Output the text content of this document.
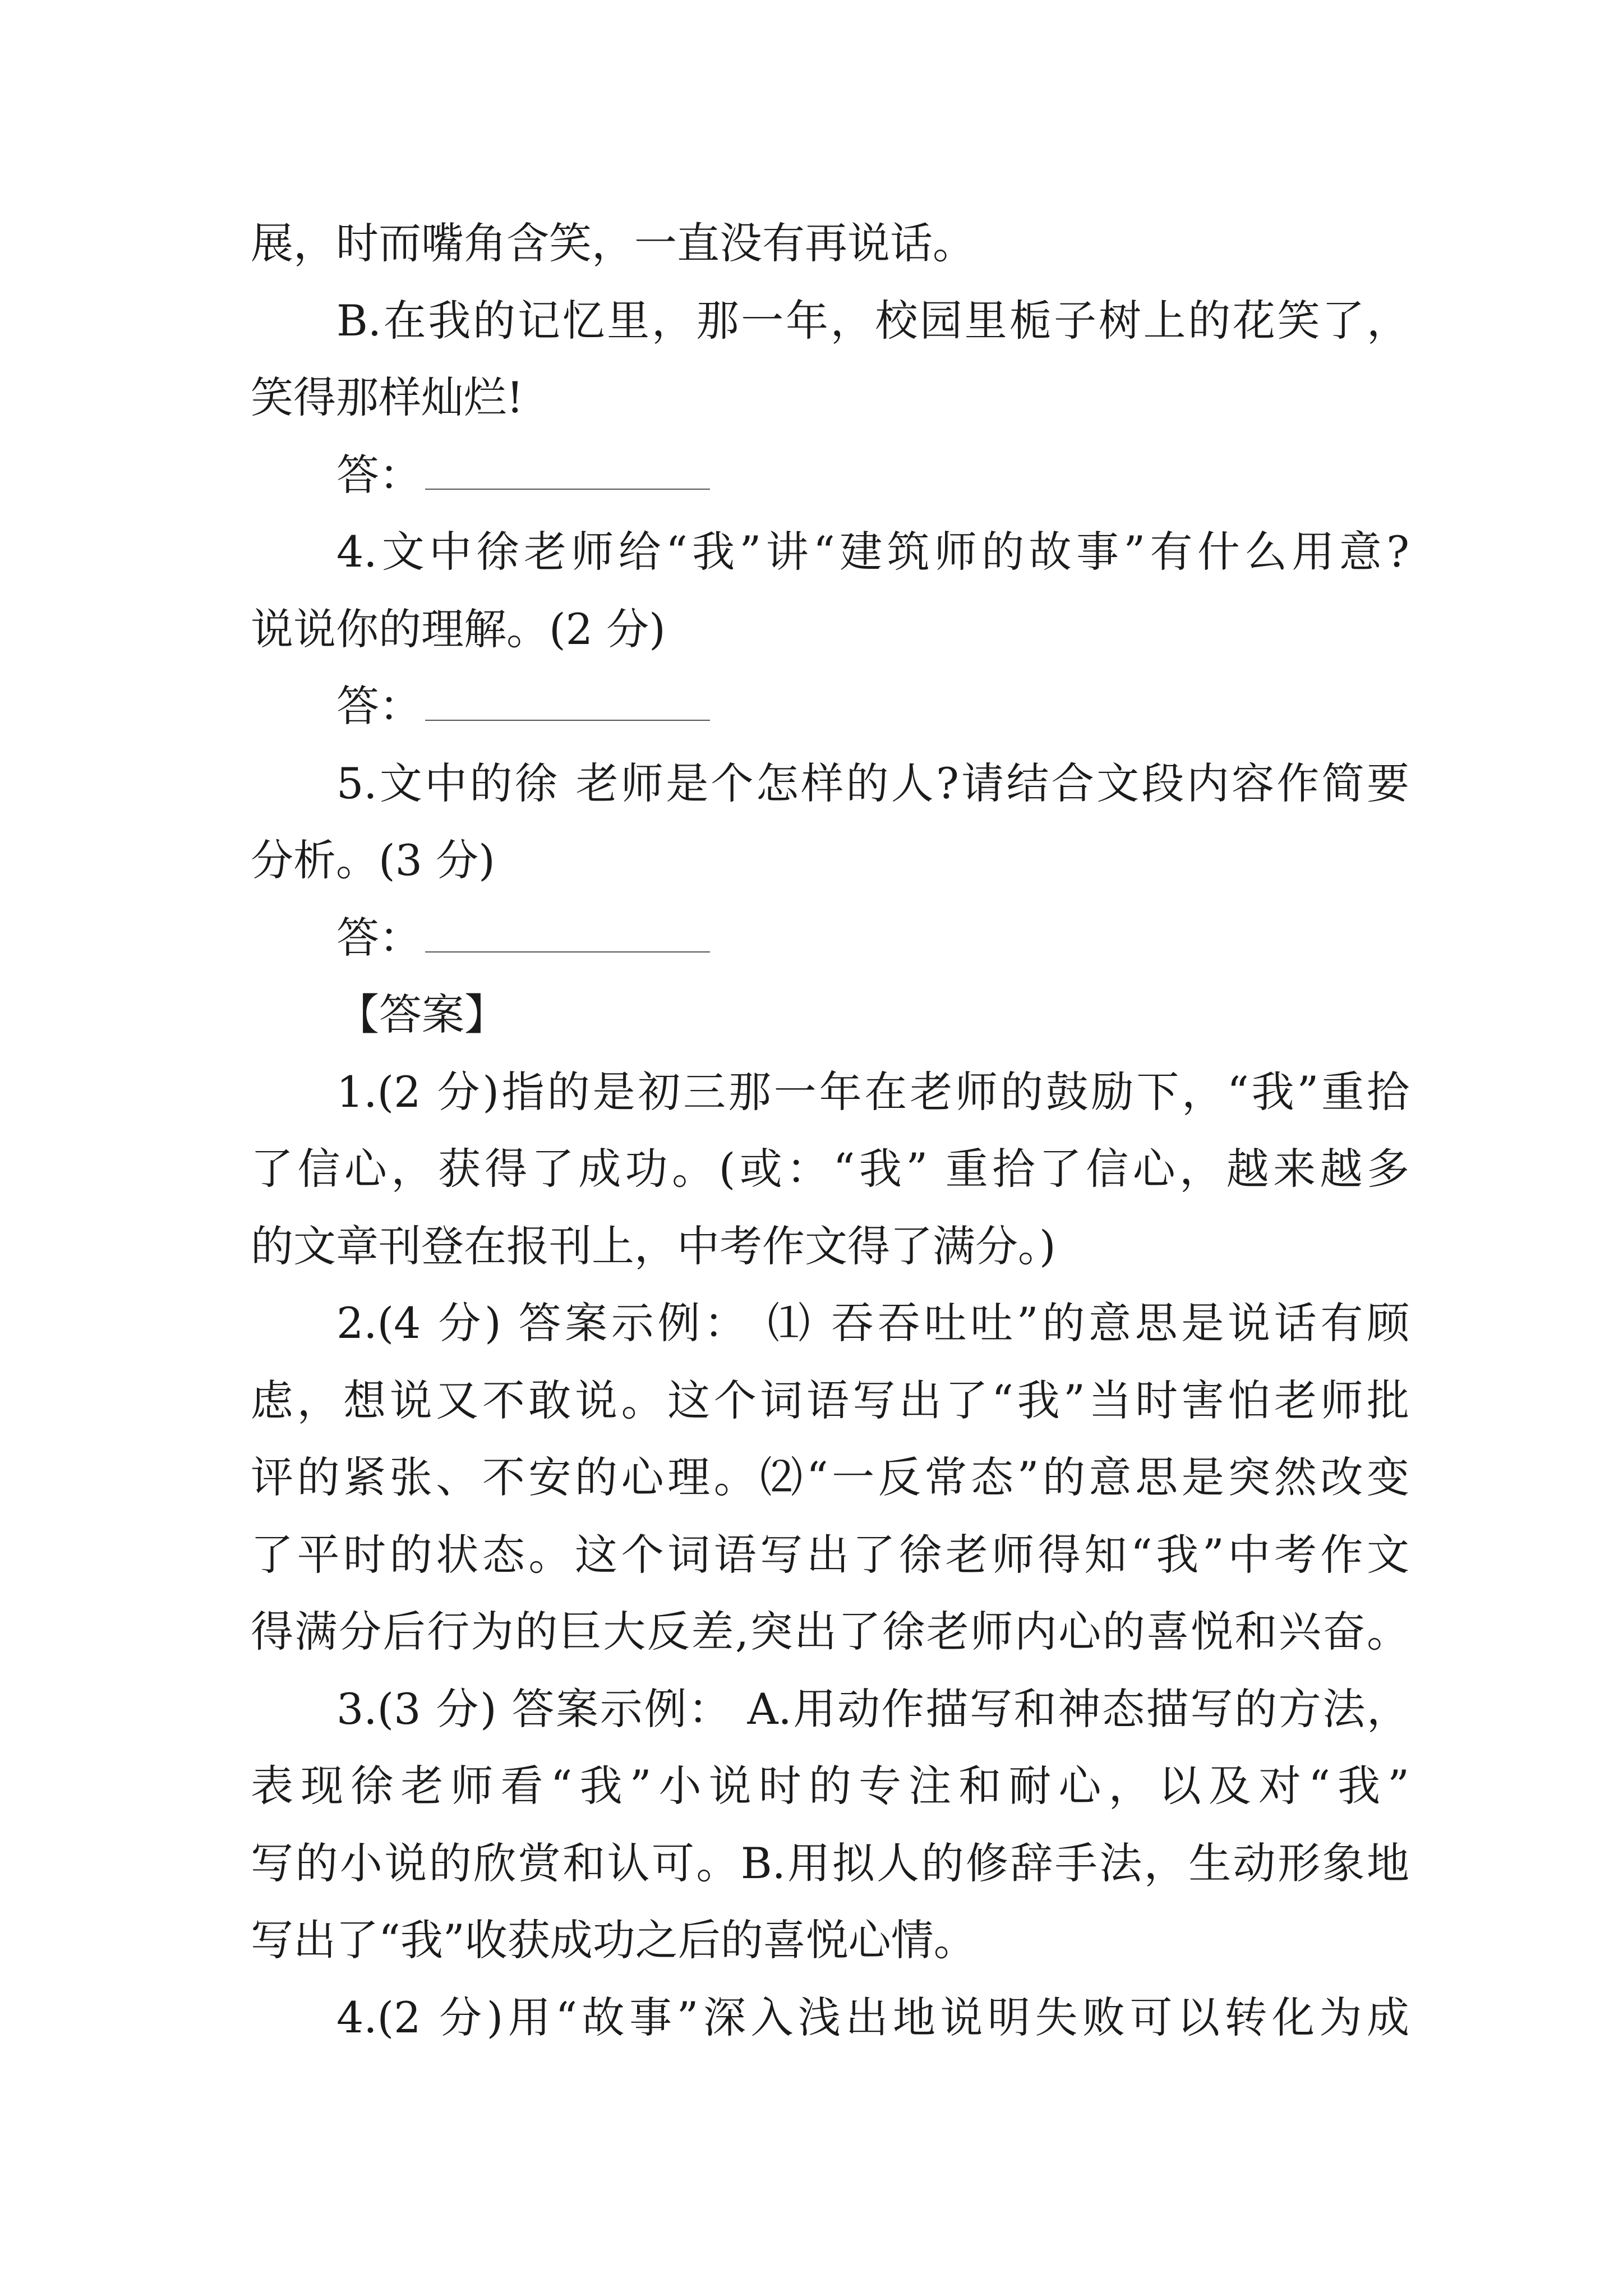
展，时而嘴角含笑，一直没有再说话。
B.在我的记忆里，那一年，校园里栀子树上的花笑了，
笑得那样灿烂!
答：
4.文中徐老师给“我”讲“建筑师的故事”有什么用意?
说说你的理解。(2 分)
答：
5.文中的徐 老师是个怎样的人?请结合文段内容作简要
分析。(3 分)
答：
【答案】
1.(2 分)指的是初三那一年在老师的鼓励下，“我”重拾
了信心，获得了成功。(或：“我” 重拾了信心，越来越多
的文章刊登在报刊上，中考作文得了满分。)
2.(4 分) 答案示例： ⑴ 吞吞吐吐”的意思是说话有顾
虑，想说又不敢说。这个词语写出了“我”当时害怕老师批
评的紧张、不安的心理。⑵“一反常态”的意思是突然改变
了平时的状态。这个词语写出了徐老师得知“我”中考作文
得满分后行为的巨大反差,突出了徐老师内心的喜悦和兴奋。
3.(3 分) 答案示例： A.用动作描写和神态描写的方法，
表现徐老师看“我”小说时的专注和耐心，以及对“我”
写的小说的欣赏和认可。B.用拟人的修辞手法，生动形象地
写出了“我”收获成功之后的喜悦心情。
4.(2 分)用“故事”深入浅出地说明失败可以转化为成
